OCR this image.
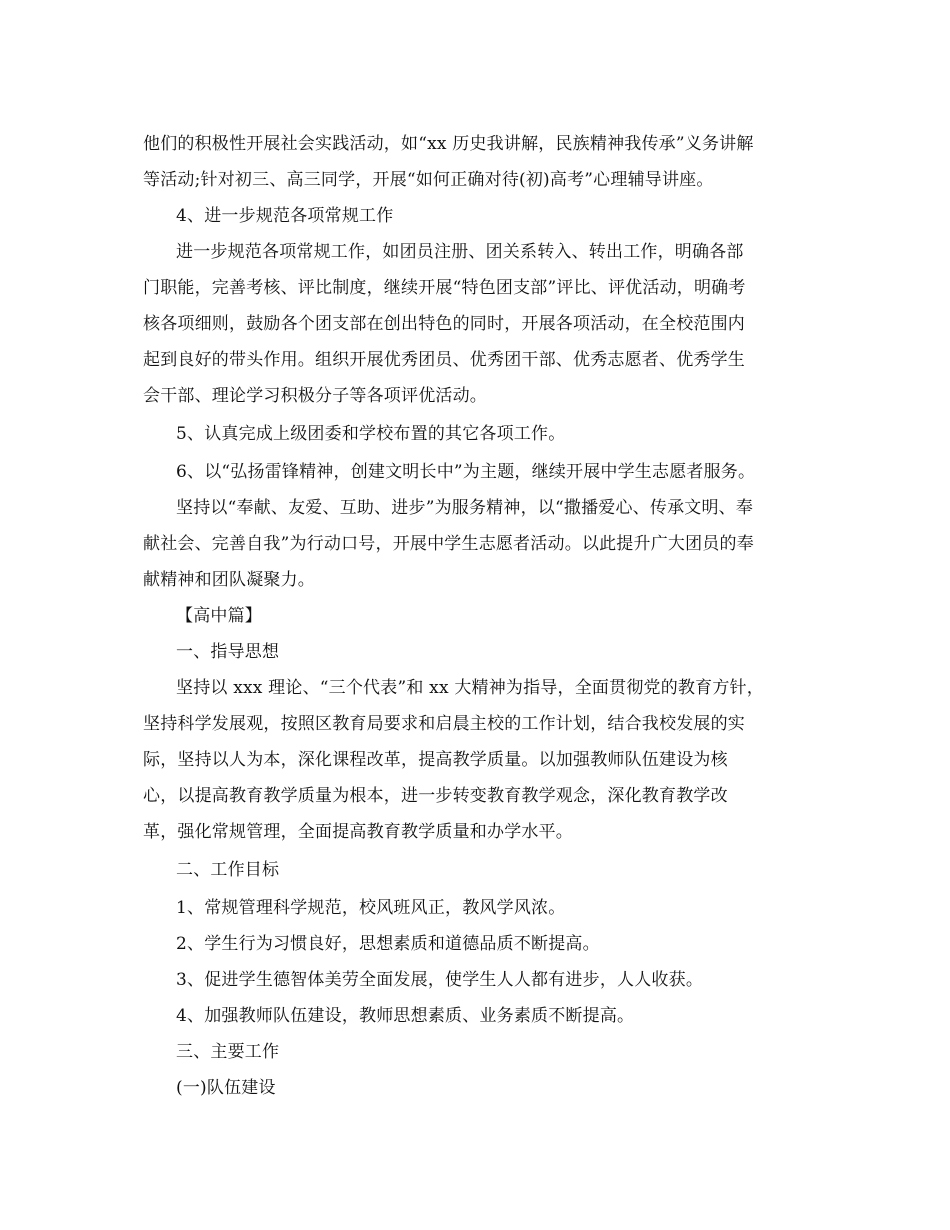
他们的积极性开展社会实践活动，如“xx 历史我讲解，民族精神我传承”义务讲解
等活动;针对初三、高三同学，开展“如何正确对待(初)高考”心理辅导讲座。
4、进一步规范各项常规工作
进一步规范各项常规工作，如团员注册、团关系转入、转出工作，明确各部
门职能，完善考核、评比制度，继续开展“特色团支部”评比、评优活动，明确考
核各项细则，鼓励各个团支部在创出特色的同时，开展各项活动，在全校范围内
起到良好的带头作用。组织开展优秀团员、优秀团干部、优秀志愿者、优秀学生
会干部、理论学习积极分子等各项评优活动。
5、认真完成上级团委和学校布置的其它各项工作。
6、以“弘扬雷锋精神，创建文明长中”为主题，继续开展中学生志愿者服务。
坚持以“奉献、友爱、互助、进步”为服务精神，以“撒播爱心、传承文明、奉
献社会、完善自我”为行动口号，开展中学生志愿者活动。以此提升广大团员的奉
献精神和团队凝聚力。
【高中篇】
一、指导思想
坚持以 xxx 理论、“三个代表”和 xx 大精神为指导，全面贯彻党的教育方针，
坚持科学发展观，按照区教育局要求和启晨主校的工作计划，结合我校发展的实
际，坚持以人为本，深化课程改革，提高教学质量。以加强教师队伍建设为核
心，以提高教育教学质量为根本，进一步转变教育教学观念，深化教育教学改
革，强化常规管理，全面提高教育教学质量和办学水平。
二、工作目标
1、常规管理科学规范，校风班风正，教风学风浓。
2、学生行为习惯良好，思想素质和道德品质不断提高。
3、促进学生德智体美劳全面发展，使学生人人都有进步，人人收获。
4、加强教师队伍建设，教师思想素质、业务素质不断提高。
三、主要工作
(一)队伍建设
